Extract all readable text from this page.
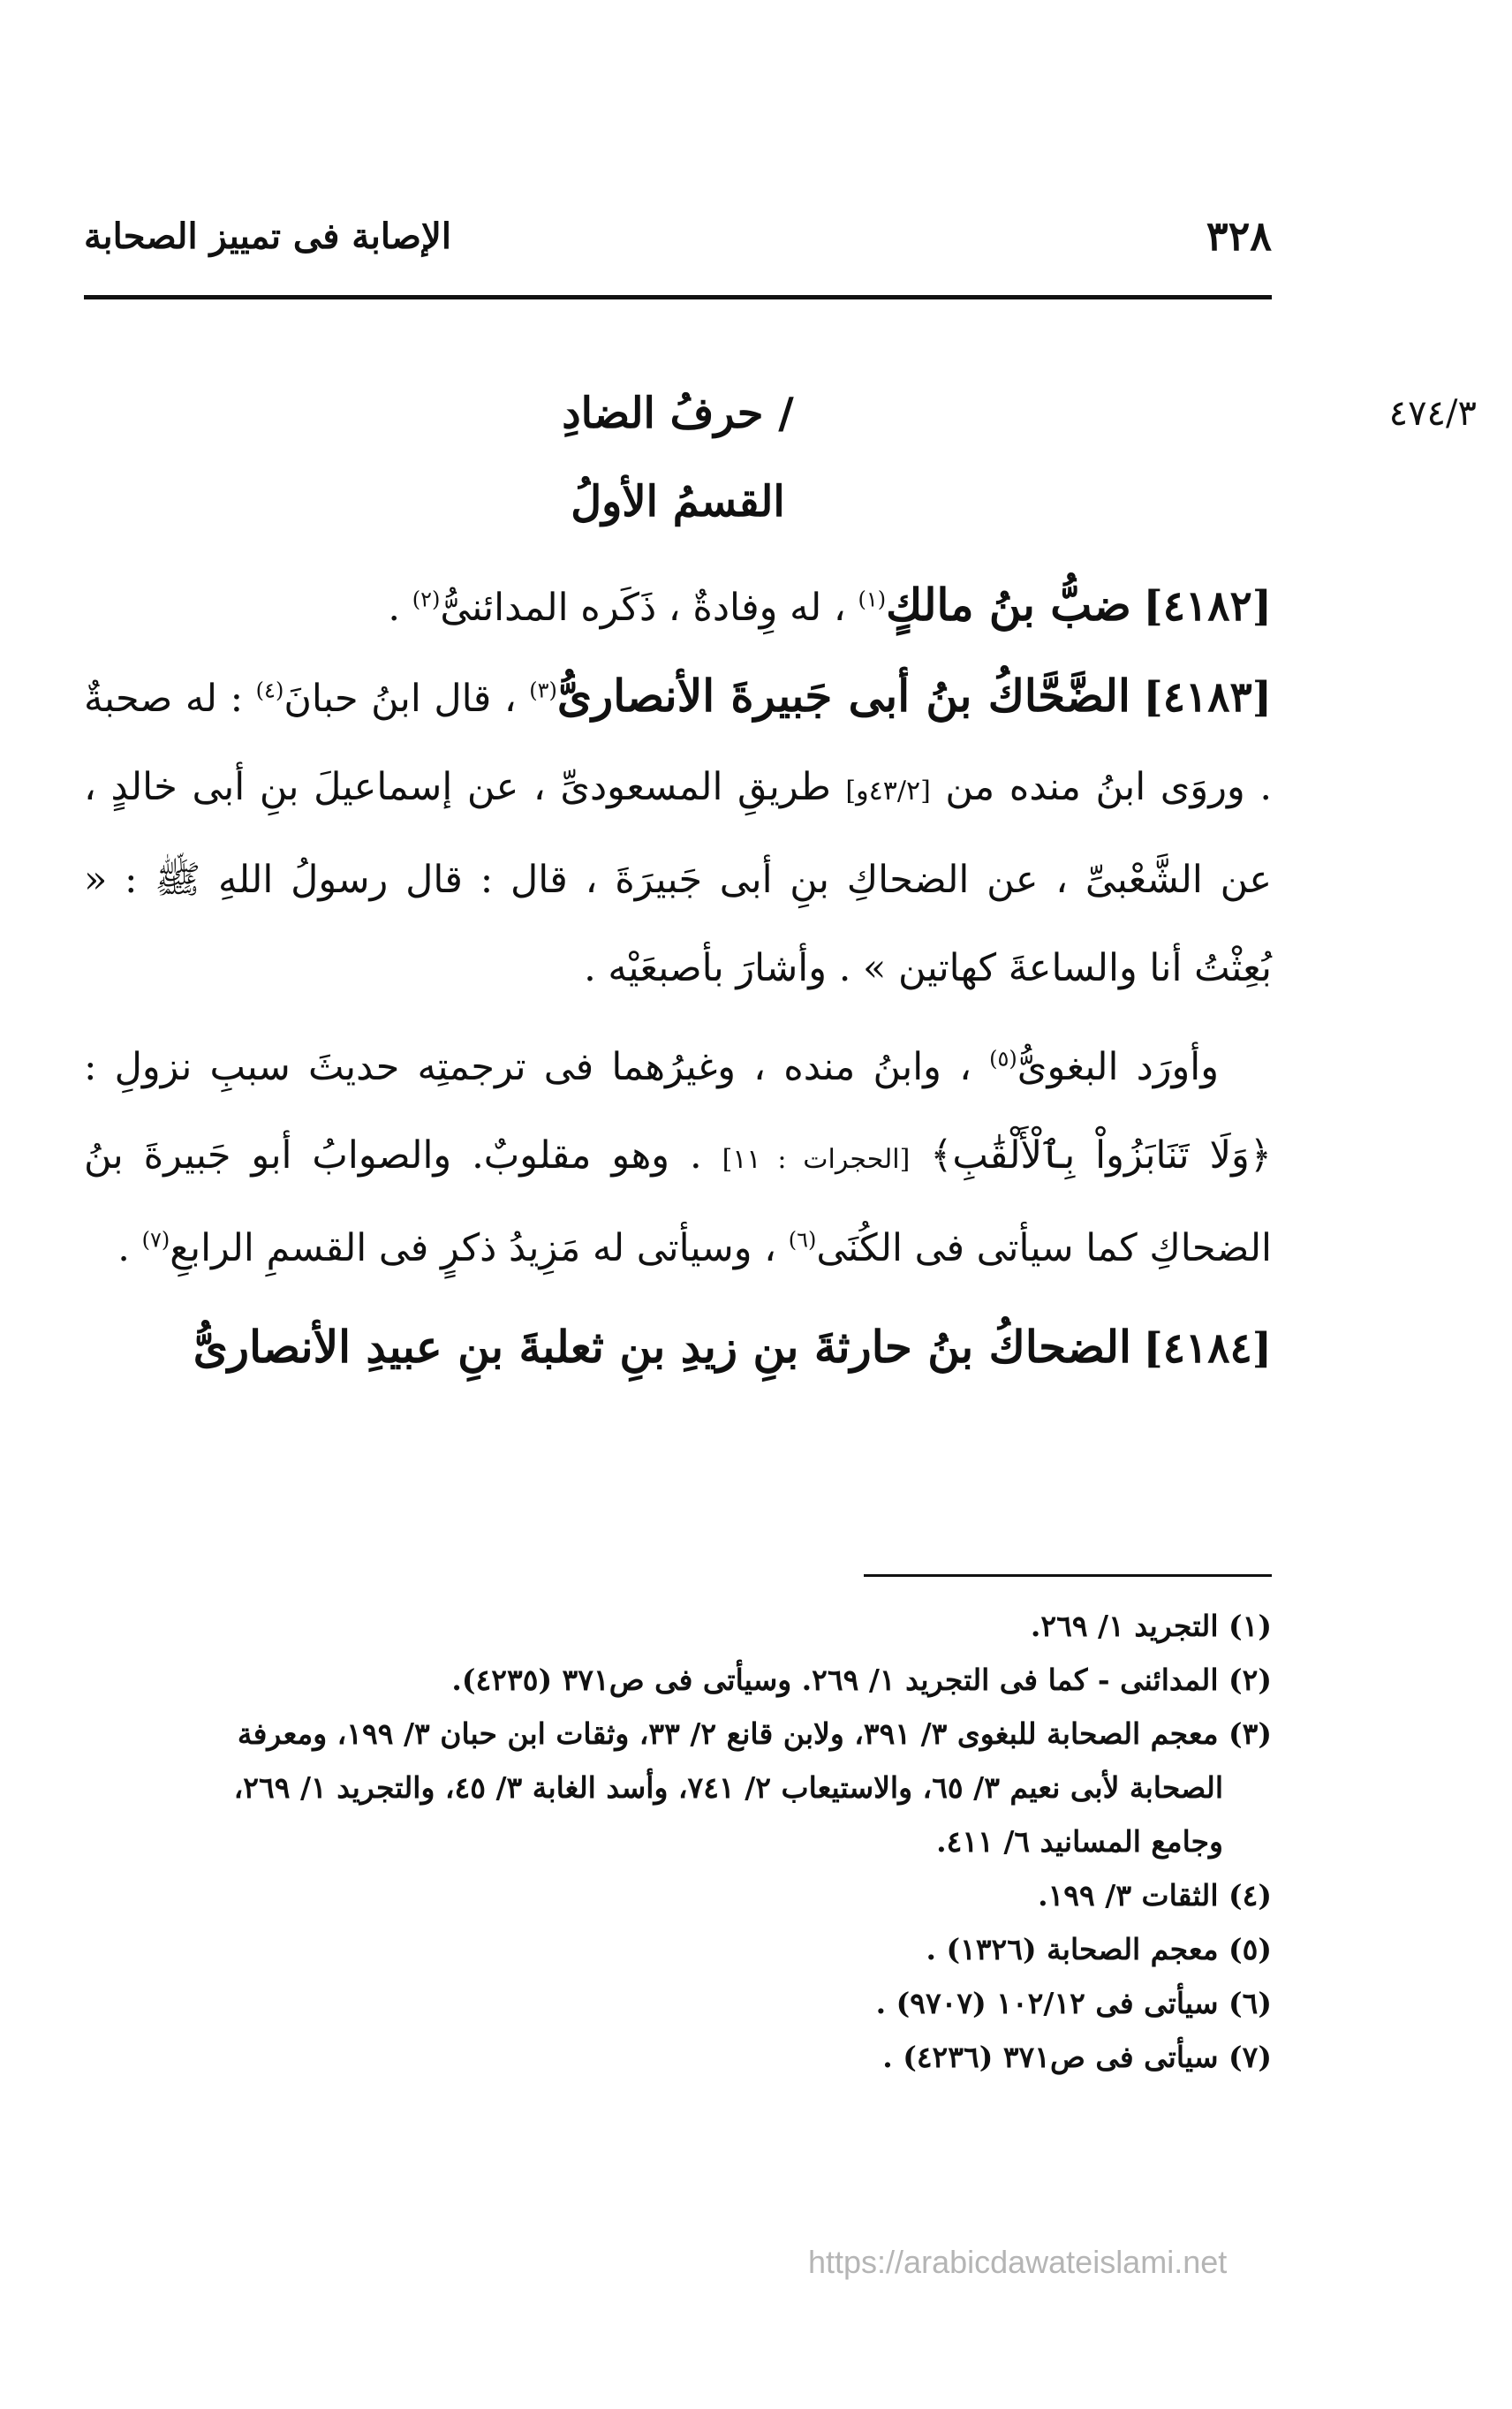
٣٢٨
الإصابة فى تمييز الصحابة
٤٧٤/٣
/ حرفُ الضادِ
القسمُ الأولُ

[٤١٨٢] ضبُّ بنُ مالكٍ$^{(١)}$ ، له وِفادةٌ ، ذَكَره المدائنىُّ$^{(٢)}$ .

[٤١٨٣] الضَّحَّاكُ بنُ أبى جَبيرةَ الأنصارىُّ$^{(٣)}$ ، قال ابنُ حبانَ$^{(٤)}$ : له صحبةٌ . وروَى ابنُ منده من [٤٣/٢و] طريقِ المسعودىِّ ، عن إسماعيلَ بنِ أبى خالدٍ ، عن الشَّعْبىِّ ، عن الضحاكِ بنِ أبى جَبيرَةَ ، قال : قال رسولُ اللهِ ﷺ : « بُعِثْتُ أنا والساعةَ كهاتين » . وأشارَ بأصبعَيْه .

وأورَد البغوىُّ$^{(٥)}$ ، وابنُ منده ، وغيرُهما فى ترجمتِه حديثَ سببِ نزولِ : ﴿وَلَا تَنَابَزُواْ بِٱلْأَلْقَٰبِ﴾ [الحجرات : ١١] . وهو مقلوبٌ. والصوابُ أبو جَبيرةَ بنُ الضحاكِ كما سيأتى فى الكُنَى$^{(٦)}$ ، وسيأتى له مَزِيدُ ذكرٍ فى القسمِ الرابعِ$^{(٧)}$ .

[٤١٨٤] الضحاكُ بنُ حارثةَ بنِ زيدِ بنِ ثعلبةَ بنِ عبيدِ الأنصارىُّ

(١) التجريد ١/ ٢٦٩.
(٢) المدائنى - كما فى التجريد ١/ ٢٦٩. وسيأتى فى ص٣٧١ (٤٢٣٥).
(٣) معجم الصحابة للبغوى ٣/ ٣٩١، ولابن قانع ٢/ ٣٣، وثقات ابن حبان ٣/ ١٩٩، ومعرفة
الصحابة لأبى نعيم ٣/ ٦٥، والاستيعاب ٢/ ٧٤١، وأسد الغابة ٣/ ٤٥، والتجريد ١/ ٢٦٩،
وجامع المسانيد ٦/ ٤١١.
(٤) الثقات ٣/ ١٩٩.
(٥) معجم الصحابة (١٣٢٦) .
(٦) سيأتى فى ١٠٢/١٢ (٩٧٠٧) .
(٧) سيأتى فى ص٣٧١ (٤٢٣٦) .
https://arabicdawateislami.net
